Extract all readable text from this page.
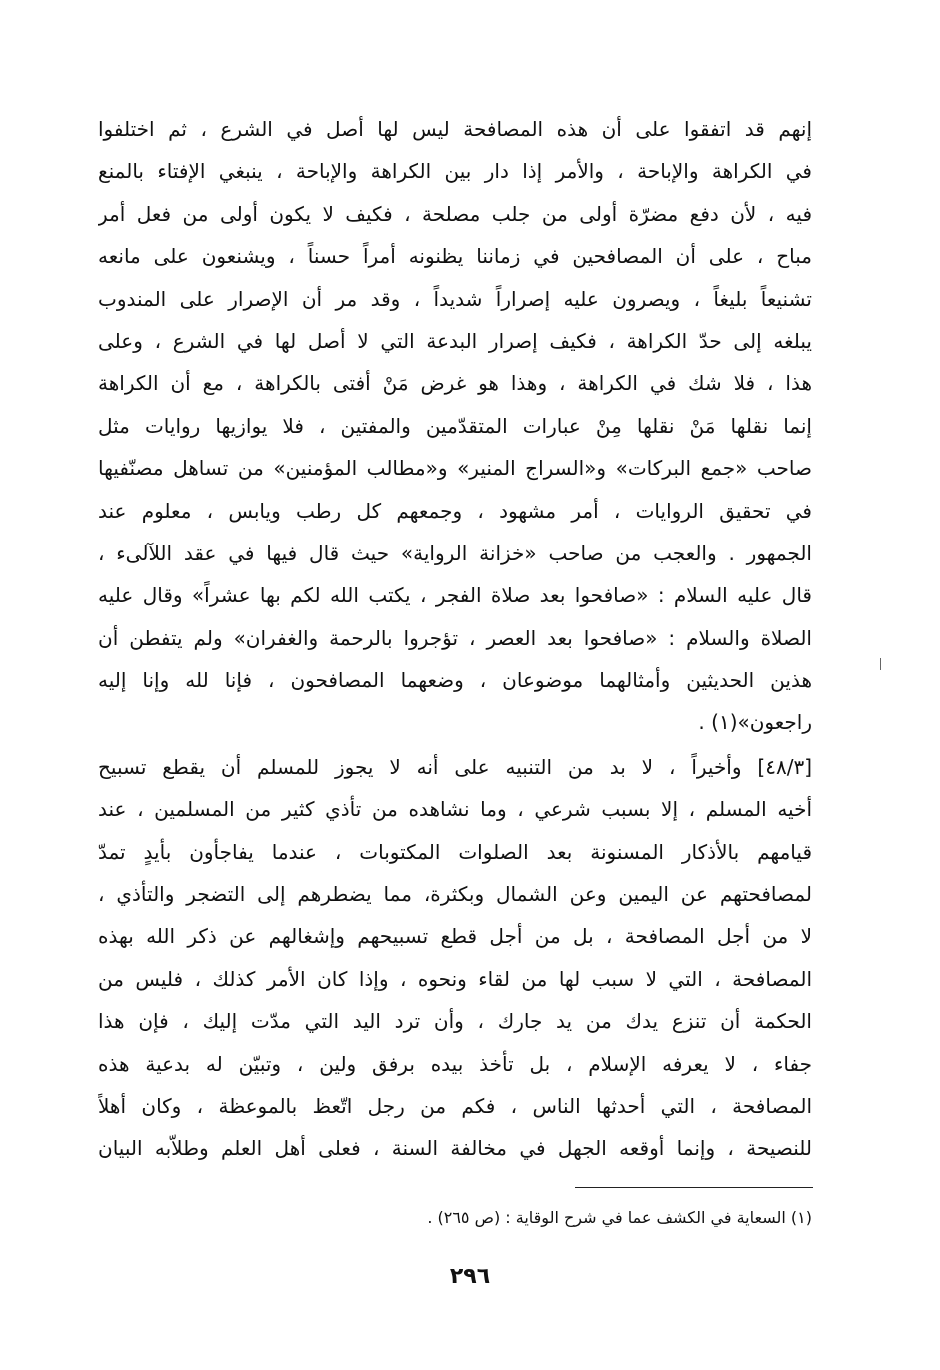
إنهم قد اتفقوا على أن هذه المصافحة ليس لها أصل في الشرع ، ثم اختلفوا
في الكراهة والإباحة ، والأمر إذا دار بين الكراهة والإباحة ، ينبغي الإفتاء بالمنع
فيه ، لأن دفع مضرّة أولى من جلب مصلحة ، فكيف لا يكون أولى من فعل أمر
مباح ، على أن المصافحين في زماننا يظنونه أمراً حسناً ، ويشنعون على مانعه
تشنيعاً بليغاً ، ويصرون عليه إصراراً شديداً ، وقد مر أن الإصرار على المندوب
يبلغه إلى حدّ الكراهة ، فكيف إصرار البدعة التي لا أصل لها في الشرع ، وعلى
هذا ، فلا شك في الكراهة ، وهذا هو غرض مَنْ أفتى بالكراهة ، مع أن الكراهة
إنما نقلها مَنْ نقلها مِنْ عبارات المتقدّمين والمفتين ، فلا يوازيها روايات مثل
صاحب «جمع البركات» و«السراج المنير» و«مطالب المؤمنين» من تساهل مصنّفيها
في تحقيق الروايات ، أمر مشهود ، وجمعهم كل رطب ويابس ، معلوم عند
الجمهور . والعجب من صاحب «خزانة الرواية» حيث قال فيها في عقد اللآلىء ،
قال عليه السلام : «صافحوا بعد صلاة الفجر ، يكتب الله لكم بها عشراً» وقال عليه
الصلاة والسلام : «صافحوا بعد العصر ، تؤجروا بالرحمة والغفران» ولم يتفطن أن
هذين الحديثين وأمثالهما موضوعان ، وضعهما المصافحون ، فإنا لله وإنا إليه
راجعون»(١) .
[٤٨/٣] وأخيراً ، لا بد من التنبيه على أنه لا يجوز للمسلم أن يقطع تسبيح
أخيه المسلم ، إلا بسبب شرعي ، وما نشاهده من تأذي كثير من المسلمين ، عند
قيامهم بالأذكار المسنونة بعد الصلوات المكتوبات ، عندما يفاجأون بأيدٍ تمدّ
لمصافحتهم عن اليمين وعن الشمال وبكثرة، مما يضطرهم إلى التضجر والتأذي ،
لا من أجل المصافحة ، بل من أجل قطع تسبيحهم وإشغالهم عن ذكر الله بهذه
المصافحة ، التي لا سبب لها من لقاء ونحوه ، وإذا كان الأمر كذلك ، فليس من
الحكمة أن تنزع يدك من يد جارك ، وأن ترد اليد التي مدّت إليك ، فإن هذا
جفاء ، لا يعرفه الإسلام ، بل تأخذ بيده برفق ولين ، وتبيّن له بدعية هذه
المصافحة ، التي أحدثها الناس ، فكم من رجل اتّعظ بالموعظة ، وكان أهلاً
للنصيحة ، وإنما أوقعه الجهل في مخالفة السنة ، فعلى أهل العلم وطلاّبه البيان
(١) السعاية في الكشف عما في شرح الوقاية : (ص ٢٦٥) .
٢٩٦
